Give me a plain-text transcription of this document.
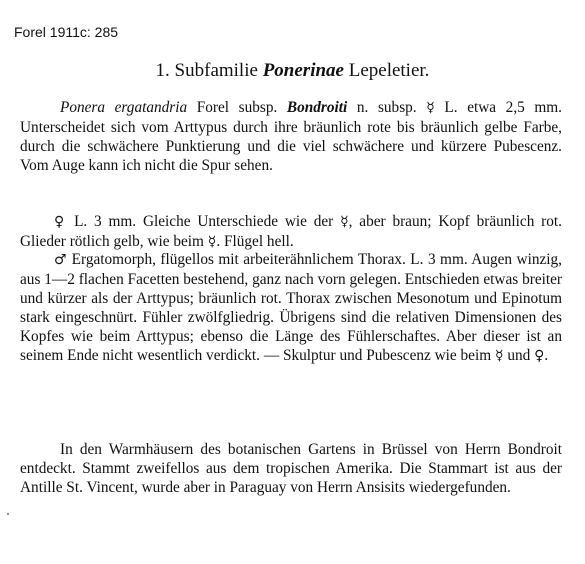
Forel 1911c: 285
1. Subfamilie Ponerinae Lepeletier.

Ponera ergatandria Forel subsp. Bondroiti n. subsp. ☿ L. etwa 2,5 mm. Unterscheidet sich vom Arttypus durch ihre bräunlich rote bis bräunlich gelbe Farbe, durch die schwächere Punktierung und die viel schwächere und kürzere Pubescenz. Vom Auge kann ich nicht die Spur sehen.

♀ L. 3 mm. Gleiche Unterschiede wie der ☿, aber braun; Kopf bräunlich rot. Glieder rötlich gelb, wie beim ☿. Flügel hell.

♂ Ergatomorph, flügellos mit arbeiterähnlichem Thorax. L. 3 mm. Augen winzig, aus 1—2 flachen Facetten bestehend, ganz nach vorn gelegen. Entschieden etwas breiter und kürzer als der Arttypus; bräunlich rot. Thorax zwischen Mesonotum und Epinotum stark eingeschnürt. Fühler zwölfgliedrig. Übrigens sind die relativen Dimensionen des Kopfes wie beim Arttypus; ebenso die Länge des Fühlerschaftes. Aber dieser ist an seinem Ende nicht wesentlich verdickt. — Skulptur und Pubescenz wie beim ☿ und ♀.

In den Warmhäusern des botanischen Gartens in Brüssel von Herrn Bondroit entdeckt. Stammt zweifellos aus dem tropischen Amerika. Die Stammart ist aus der Antille St. Vincent, wurde aber in Paraguay von Herrn Ansisits wiedergefunden.
